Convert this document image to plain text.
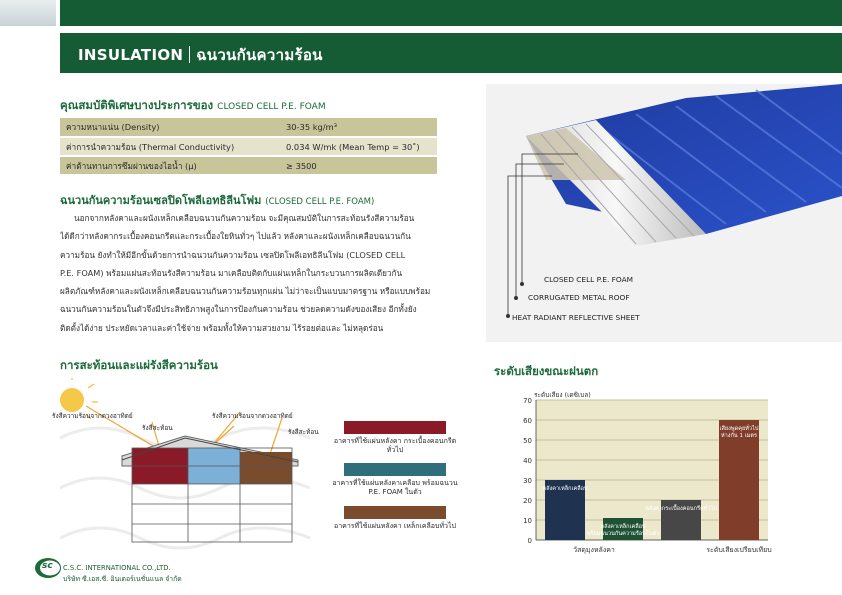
INSULATION ฉนวนกันความร้อน
คุณสมบัติพิเศษบางประการของ CLOSED CELL P.E. FOAM
ความหนาแน่น (Density)	30-35 kg/m³
ค่าการนำความร้อน (Thermal Conductivity)	0.034 W/mk (Mean Temp = 30˚)
ค่าต้านทานการซึมผ่านของไอน้ำ (μ)	≥ 3500
ฉนวนกันความร้อนเซลปิดโพลีเอทธิลีนโฟม (CLOSED CELL P.E. FOAM)
นอกจากหลังคาและผนังเหล็กเคลือบฉนวนกันความร้อน จะมีคุณสมบัติในการสะท้อนรังสีความร้อน
ได้ดีกว่าหลังคากระเบื้องคอนกรีตและกระเบื้องใยหินทั่วๆ ไปแล้ว หลังคาและผนังเหล็กเคลือบฉนวนกัน
ความร้อน ยังทำให้มีอีกขั้นด้วยการนำฉนวนกันความร้อน เซลปิดโพลีเอทธิลีนโฟม (CLOSED CELL
P.E. FOAM) พร้อมแผ่นสะท้อนรังสีความร้อน มาเคลือบติดกับแผ่นเหล็กในกระบวนการผลิตเดียวกัน
ผลิตภัณฑ์หลังคาและผนังเหล็กเคลือบฉนวนกันความร้อนทุกแผ่น ไม่ว่าจะเป็นแบบมาตรฐาน หรือแบบพร้อม
ฉนวนกันความร้อนในตัวจึงมีประสิทธิภาพสูงในการป้องกันความร้อน ช่วยลดความดังของเสียง อีกทั้งยัง
ติดตั้งได้ง่าย ประหยัดเวลาและค่าใช้จ่าย พร้อมทั้งให้ความสวยงาม ไร้รอยต่อและ ไม่หลุดร่อน
CLOSED CELL P.E. FOAM
CORRUGATED METAL ROOF
HEAT RADIANT REFLECTIVE SHEET
การสะท้อนและแผ่รังสีความร้อน
รังสีความร้อนจากดวงอาทิตย์
รังสีสะท้อน
รังสีความร้อนจากดวงอาทิตย์
รังสีสะท้อน
อาคารที่ใช้แผ่นหลังคา กระเบื้องคอนกรีตทั่วไป
อาคารที่ใช้แผ่นหลังคาเคลือบ พร้อมฉนวน P.E. FOAM ในตัว
อาคารที่ใช้แผ่นหลังคา เหล็กเคลือบทั่วไป
ระดับเสียงขณะฝนตก
0
10
20
30
40
50
60
70
ระดับเสียง (เดซิเบล)
หลังคาเหล็กเคลือบ
หลังคาเหล็กเคลือบ
พร้อมฉนวนกันความร้อนในตัว
หลังคากระเบื้องคอนกรีตทั่วไป
เสียงพูดคุยทั่วไป
ห่างกัน 1 เมตร
วัสดุมุงหลังคา	ระดับเสียงเปรียบเทียบ
sc C.S.C. INTERNATIONAL CO.,LTD.
บริษัท ซี.เอส.ซี. อินเตอร์เนชั่นแนล จำกัด
